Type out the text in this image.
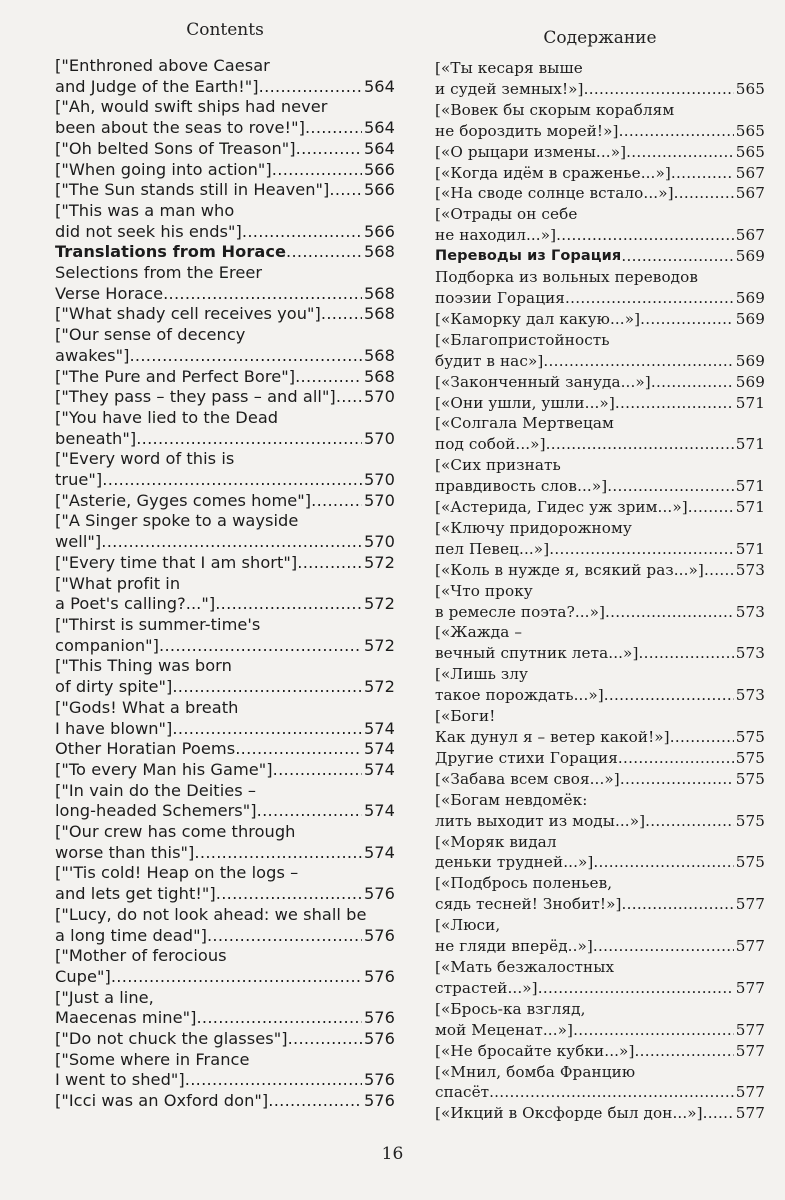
Contents
["Enthroned above Caesar
and Judge of the Earth!"] .....	564
["Ah, would swift ships had never
been about the seas to rove!"] .....	564
["Oh belted Sons of Treason"] .....	564
["When going into action"] .....	566
["The Sun stands still in Heaven"] ..... 566
["This was a man who
did not seek his ends"] .....	566
Translations from Horace .....	568
Selections from the Ereer
Verse Horace .....	568
["What shady cell receives you"] .....	568
["Our sense of decency
awakes"] .....	568
["The Pure and Perfect Bore"] .....	568
["They pass – they pass – and all"] ..... 570
["You have lied to the Dead
beneath"] .....	570
["Every word of this is
true"] .....	570
["Asterie, Gyges comes home"] .....	570
["A Singer spoke to a wayside
well"] .....	570
["Every time that I am short"] .....	572
["What profit in
a Poet's calling?..."] .....	572
["Thirst is summer-time's
companion"] .....	572
["This Thing was born
of dirty spite"] .....	572
["Gods! What a breath
I have blown"] .....	574
Other Horatian Poems .....	574
["To every Man his Game"] .....	574
["In vain do the Deities –
long-headed Schemers"] .....	574
["Our crew has come through
worse than this"] .....	574
["'Tis cold! Heap on the logs –
and lets get tight!"] .....	576
["Lucy, do not look ahead: we shall be
a long time dead"] .....	576
["Mother of ferocious
Cupe"] .....	576
["Just a line,
Maecenas mine"] .....	576
["Do not chuck the glasses"] .....	576
["Some where in France
I went to shed"] .....	576
["Icci was an Oxford don"] .....	576
Содержание
[«Ты кесаря выше
и судей земных!»] .....	565
[«Вовек бы скорым кораблям
не бороздить морей!»] .....	565
[«О рыцари измены...»] .....	565
[«Когда идём в сраженье...»] .....	567
[«На своде солнце встало...»] .....	567
[«Отрады он себе
не находил...»] .....	567
Переводы из Горация .....	569
Подборка из вольных переводов
поэзии Горация .....	569
[«Каморку дал какую...»] .....	569
[«Благопристойность
будит в нас»] .....	569
[«Законченный зануда...»] .....	569
[«Они ушли, ушли...»] .....	571
[«Солгала Мертвецам
под собой...»] .....	571
[«Сих признать
правдивость слов...»] .....	571
[«Астерида, Гидес уж зрим...»] .....	571
[«Ключу придорожному
пел Певец...»] .....	571
[«Коль в нужде я, всякий раз...»] ..... 573
[«Что проку
в ремесле поэта?...»] .....	573
[«Жажда –
вечный спутник лета...»] .....	573
[«Лишь злу
такое порождать...»] .....	573
[«Боги!
Как дунул я – ветер какой!»] .....	575
Другие стихи Горация .....	575
[«Забава всем своя...»] .....	575
[«Богам невдомёк:
лить выходит из моды...»] .....	575
[«Моряк видал
деньки трудней...»] .....	575
[«Подбрось поленьев,
сядь тесней! Знобит!»] .....	577
[«Люси,
не гляди вперёд..»] .....	577
[«Мать безжалостных
страстей...»] .....	577
[«Брось-ка взгляд,
мой Меценат...»] .....	577
[«Не бросайте кубки...»] .....	577
[«Мнил, бомба Францию
спасёт. .....	577
[«Икций в Оксфорде был дон...»] ..... 577
16
